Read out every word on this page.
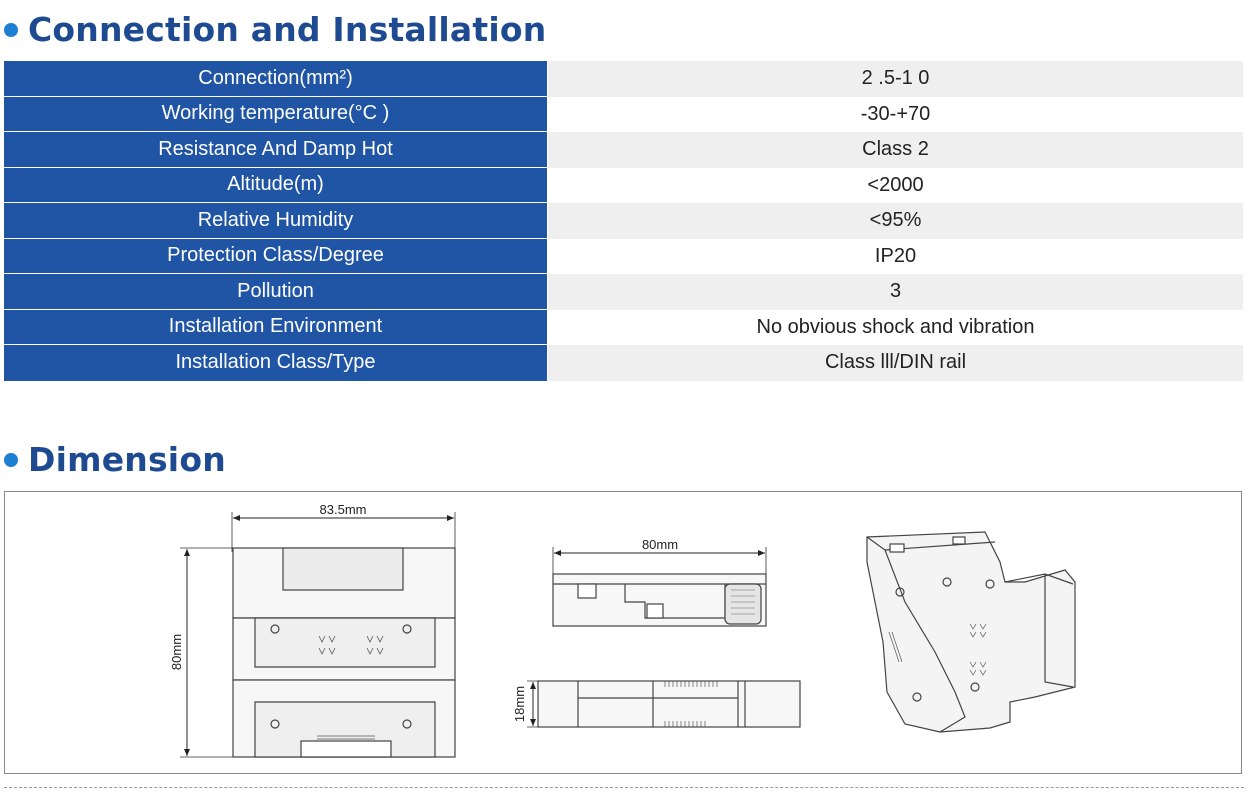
Connection and Installation
Connection(mm²)	2 .5-1 0
Working temperature(°C )	-30-+70
Resistance And Damp Hot	Class 2
Altitude(m)	<2000
Relative Humidity	<95%
Protection Class/Degree	IP20
Pollution	3
Installation Environment	No obvious shock and vibration
Installation Class/Type	Class lll/DIN rail
Dimension
83.5mm
80mm
80mm
18mm
